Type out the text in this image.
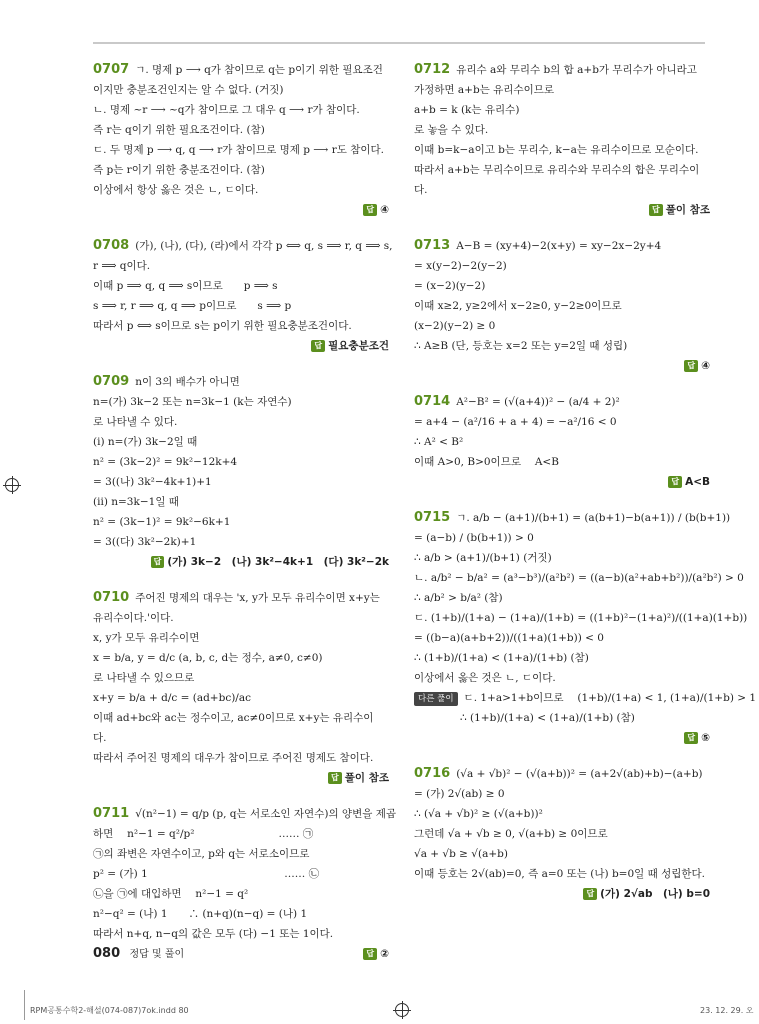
0707 ㄱ. 명제 p ⟶ q가 참이므로 q는 p이기 위한 필요조건
이지만 충분조건인지는 알 수 없다. (거짓)
ㄴ. 명제 ~r ⟶ ~q가 참이므로 그 대우 q ⟶ r가 참이다.
즉 r는 q이기 위한 필요조건이다. (참)
ㄷ. 두 명제 p ⟶ q, q ⟶ r가 참이므로 명제 p ⟶ r도 참이다.
즉 p는 r이기 위한 충분조건이다. (참)
이상에서 항상 옳은 것은 ㄴ, ㄷ이다.
답 ④
0708 (가), (나), (다), (라)에서 각각 p ⟺ q, s ⟹ r, q ⟹ s,
r ⟹ q이다.
이때 p ⟹ q, q ⟹ s이므로　　p ⟹ s
s ⟹ r, r ⟹ q, q ⟹ p이므로　　s ⟹ p
따라서 p ⟺ s이므로 s는 p이기 위한 필요충분조건이다.
답 필요충분조건
0709 n이 3의 배수가 아니면
n=(가) 3k−2 또는 n=3k−1 (k는 자연수)
로 나타낼 수 있다.
(i) n=(가) 3k−2일 때
n² = (3k−2)² = 9k²−12k+4
= 3((나) 3k²−4k+1)+1
(ii) n=3k−1일 때
n² = (3k−1)² = 9k²−6k+1
= 3((다) 3k²−2k)+1
답 (가) 3k−2　(나) 3k²−4k+1　(다) 3k²−2k
0710 주어진 명제의 대우는 'x, y가 모두 유리수이면 x+y는
유리수이다.'이다.
x, y가 모두 유리수이면
x = b/a, y = d/c (a, b, c, d는 정수, a≠0, c≠0)
로 나타낼 수 있으므로
x+y = b/a + d/c = (ad+bc)/ac
이때 ad+bc와 ac는 정수이고, ac≠0이므로 x+y는 유리수이
다.
따라서 주어진 명제의 대우가 참이므로 주어진 명제도 참이다.
답 풀이 참조
0711 √(n²−1) = q/p (p, q는 서로소인 자연수)의 양변을 제곱
하면　 n²−1 = q²/p²　　　　　　　　…… ㉠
㉠의 좌변은 자연수이고, p와 q는 서로소이므로
p² = (가) 1　　　　　　　　　　　　　…… ㉡
㉡을 ㉠에 대입하면　 n²−1 = q²
n²−q² = (나) 1　　∴ (n+q)(n−q) = (나) 1
따라서 n+q, n−q의 값은 모두 (다) −1 또는 1이다.
답 ②
0712 유리수 a와 무리수 b의 합 a+b가 무리수가 아니라고
가정하면 a+b는 유리수이므로
a+b = k (k는 유리수)
로 놓을 수 있다.
이때 b=k−a이고 b는 무리수, k−a는 유리수이므로 모순이다.
따라서 a+b는 무리수이므로 유리수와 무리수의 합은 무리수이
다.
답 풀이 참조
0713 A−B = (xy+4)−2(x+y) = xy−2x−2y+4
= x(y−2)−2(y−2)
= (x−2)(y−2)
이때 x≥2, y≥2에서 x−2≥0, y−2≥0이므로
(x−2)(y−2) ≥ 0
∴ A≥B (단, 등호는 x=2 또는 y=2일 때 성립)
답 ④
0714 A²−B² = (√(a+4))² − (a/4 + 2)²
= a+4 − (a²/16 + a + 4) = −a²/16 < 0
∴ A² < B²
이때 A>0, B>0이므로　 A<B
답 A<B
0715 ㄱ. a/b − (a+1)/(b+1) = (a(b+1)−b(a+1)) / (b(b+1))
= (a−b) / (b(b+1)) > 0
∴ a/b > (a+1)/(b+1) (거짓)
ㄴ. a/b² − b/a² = (a³−b³)/(a²b²) = ((a−b)(a²+ab+b²))/(a²b²) > 0
∴ a/b² > b/a² (참)
ㄷ. (1+b)/(1+a) − (1+a)/(1+b) = ((1+b)²−(1+a)²)/((1+a)(1+b))
= ((b−a)(a+b+2))/((1+a)(1+b)) < 0
∴ (1+b)/(1+a) < (1+a)/(1+b) (참)
이상에서 옳은 것은 ㄴ, ㄷ이다.
다른 풀이 ㄷ. 1+a>1+b이므로　 (1+b)/(1+a) < 1, (1+a)/(1+b) > 1
∴ (1+b)/(1+a) < (1+a)/(1+b) (참)
답 ⑤
0716 (√a + √b)² − (√(a+b))² = (a+2√(ab)+b)−(a+b)
= (가) 2√(ab) ≥ 0
∴ (√a + √b)² ≥ (√(a+b))²
그런데 √a + √b ≥ 0, √(a+b) ≥ 0이므로
√a + √b ≥ √(a+b)
이때 등호는 2√(ab)=0, 즉 a=0 또는 (나) b=0일 때 성립한다.
답 (가) 2√ab　(나) b=0
080 정답 및 풀이
RPM공통수학2-해설(074-087)7ok.indd 80	23. 12. 29. 오
